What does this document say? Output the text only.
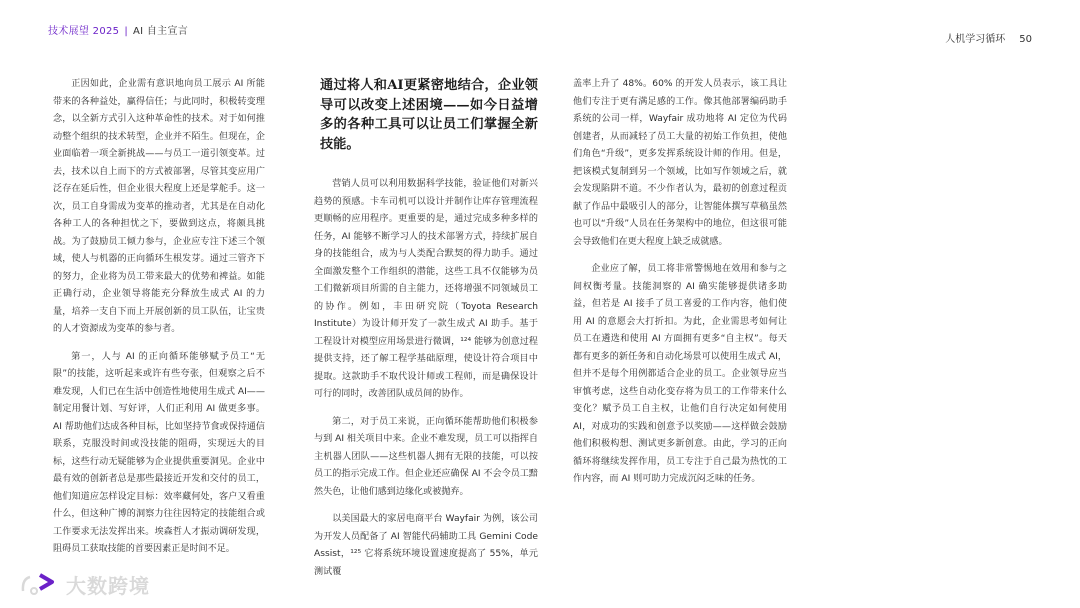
技术展望 2025 | AI 自主宣言
人机学习循环 50

正因如此，企业需有意识地向员工展示 AI 所能带来的各种益处，赢得信任；与此同时，积极转变理念，以全新方式引入这种革命性的技术。对于如何推动整个组织的技术转型，企业并不陌生。但现在，企业面临着一项全新挑战——与员工一道引领变革。过去，技术以自上而下的方式被部署，尽管其变应用广泛存在延后性，但企业很大程度上还是掌舵手。这一次，员工自身需成为变革的推动者，尤其是在自动化各种工人的各种担忧之下，要做到这点，将颇具挑战。为了鼓励员工倾力参与，企业应专注下述三个领域，使人与机器的正向循环生根发芽。通过三管齐下的努力，企业将为员工带来最大的优势和裨益。如能正确行动，企业领导将能充分释放生成式 AI 的力量，培养一支自下而上开展创新的员工队伍，让宝贵的人才资源成为变革的参与者。

第一，人与 AI 的正向循环能够赋予员工“无限”的技能，这听起来或许有些夸张，但观察之后不难发现，人们已在生活中创造性地使用生成式 AI——制定用餐计划、写好评，人们正利用 AI 做更多事。AI 帮助他们达成各种目标，比如坚持节食或保持通信联系，克服没时间或没技能的阻碍，实现远大的目标，这些行动无疑能够为企业提供重要洞见。企业中最有效的创新者总是那些最接近开发和交付的员工，他们知道应怎样设定目标：效率藏何处，客户又看重什么，但这种广博的洞察力往往因特定的技能组合或工作要求无法发挥出来。埃森哲人才振动调研发现，阻碍员工获取技能的首要因素正是时间不足。

通过将人和AI更紧密地结合，企业领导可以改变上述困境——如今日益增多的各种工具可以让员工们掌握全新技能。

营销人员可以利用数据科学技能，验证他们对新兴趋势的预感。卡车司机可以设计并制作让库存管理流程更顺畅的应用程序。更重要的是，通过完成多种多样的任务，AI 能够不断学习人的技术部署方式，持续扩展自身的技能组合，成为与人类配合默契的得力助手。通过全面激发整个工作组织的潜能，这些工具不仅能够为员工们微新项目所需的自主能力，还将增强不同领域员工的协作。例如，丰田研究院（Toyota Research Institute）为设计师开发了一款生成式 AI 助手。基于工程设计对模型应用场景进行微调，¹²⁴ 能够为创意过程提供支持，还了解工程学基础原理，使设计符合项目中提取。这款助手不取代设计师或工程师，而是确保设计可行的同时，改善团队成员间的协作。

第二，对于员工来说，正向循环能帮助他们积极参与到 AI 相关项目中来。企业不难发现，员工可以指挥自主机器人团队——这些机器人拥有无限的技能，可以按员工的指示完成工作。但企业还应确保 AI 不会令员工黯然失色，让他们感到边缘化或被抛弃。

以美国最大的家居电商平台 Wayfair 为例，该公司为开发人员配备了 AI 智能代码辅助工具 Gemini Code Assist，¹²⁵ 它将系统环境设置速度提高了 55%，单元测试覆

盖率上升了 48%。60% 的开发人员表示，该工具让他们专注于更有满足感的工作。像其他部署编码助手系统的公司一样，Wayfair 成功地将 AI 定位为代码创建者，从而减轻了员工大量的初始工作负担，使他们角色“升级”，更多发挥系统设计师的作用。但是，把该模式复制到另一个领域，比如写作领域之后，就会发现陷阱不道。不少作者认为，最初的创意过程贡献了作品中最吸引人的部分，让智能体撰写草稿虽然也可以“升级”人员在任务架构中的地位，但这很可能会导致他们在更大程度上缺乏成就感。

企业应了解，员工将非常警惕地在效用和参与之间权衡考量。技能洞察的 AI 确实能够提供诸多助益，但若是 AI 接手了员工喜爱的工作内容，他们使用 AI 的意愿会大打折扣。为此，企业需思考如何让员工在遴选和使用 AI 方面拥有更多“自主权”。每天都有更多的新任务和自动化场景可以使用生成式 AI，但并不是每个用例都适合企业的员工。企业领导应当审慎考虑，这些自动化变存将为员工的工作带来什么变化？赋予员工自主权，让他们自行决定如何使用 AI，对成功的实践和创意予以奖励——这样做会鼓励他们积极构想、测试更多新创意。由此，学习的正向循环将继续发挥作用，员工专注于自己最为热忱的工作内容，而 AI 则可助力完成沉闷乏味的任务。

大数跨境
